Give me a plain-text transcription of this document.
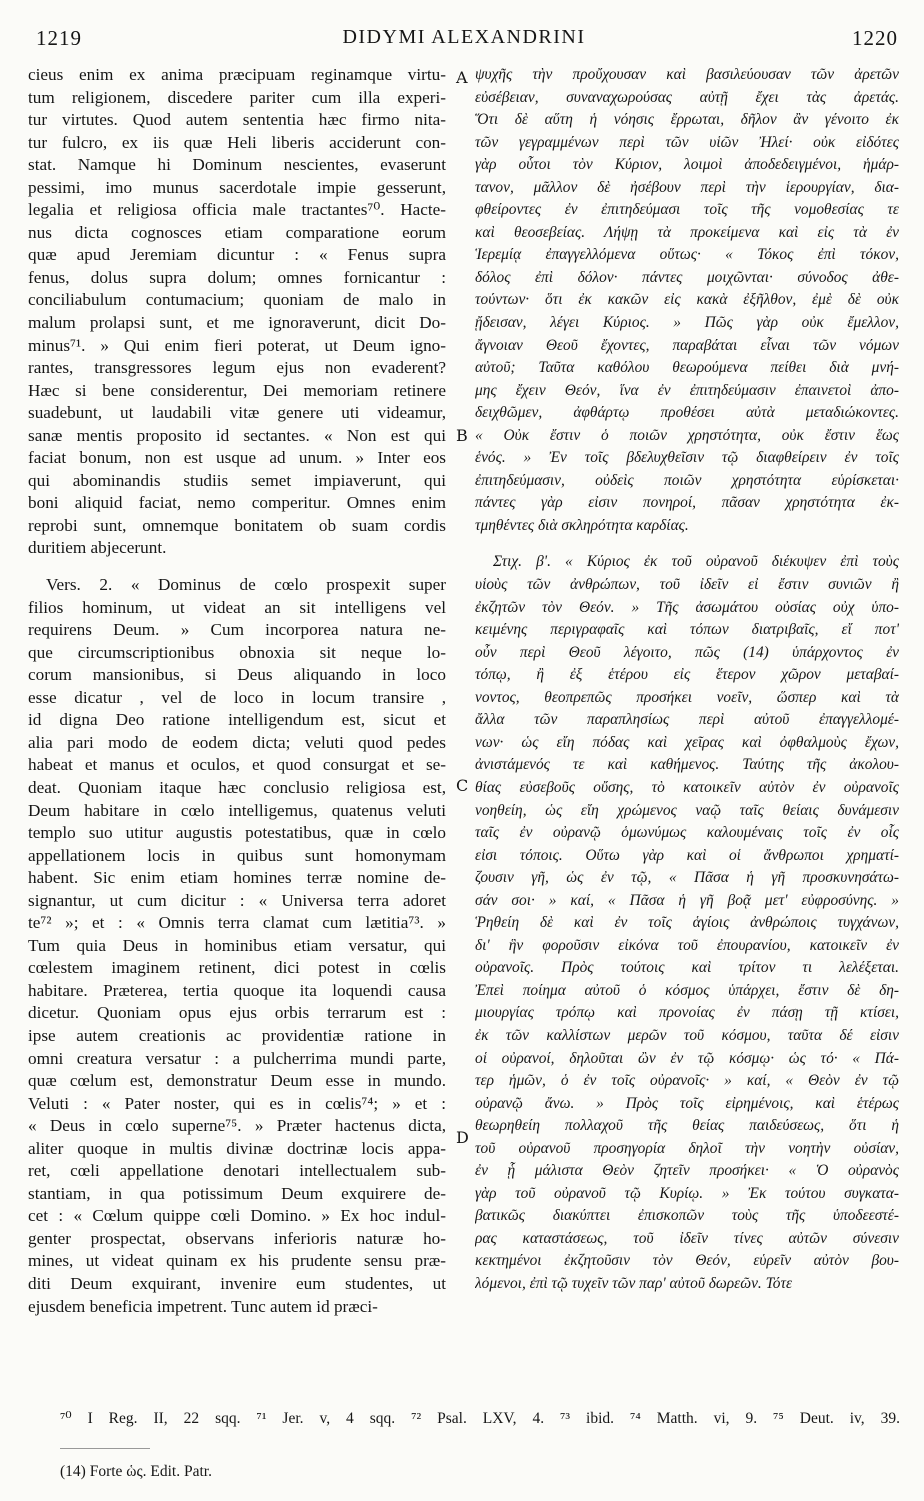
1219	DIDYMI ALEXANDRINI	1220
cieus enim ex anima præcipuam reginamque virtu-
tum religionem, discedere pariter cum illa experi-
tur virtutes. Quod autem sententia hæc firmo nita-
tur fulcro, ex iis quæ Heli liberis acciderunt con-
stat. Namque hi Dominum nescientes, evaserunt
pessimi, imo munus sacerdotale impie gesserunt,
legalia et religiosa officia male tractantes⁷⁰. Hacte-
nus dicta cognosces etiam comparatione eorum
quæ apud Jeremiam dicuntur : « Fenus supra
fenus, dolus supra dolum; omnes fornicantur :
conciliabulum contumacium; quoniam de malo in
malum prolapsi sunt, et me ignoraverunt, dicit Do-
minus⁷¹. » Qui enim fieri poterat, ut Deum igno-
rantes, transgressores legum ejus non evaderent?
Hæc si bene considerentur, Dei memoriam retinere
suadebunt, ut laudabili vitæ genere uti videamur,
sanæ mentis proposito id sectantes. « Non est qui
faciat bonum, non est usque ad unum. » Inter eos
qui abominandis studiis semet impiaverunt, qui
boni aliquid faciat, nemo comperitur. Omnes enim
reprobi sunt, omnemque bonitatem ob suam cordis
duritiem abjecerunt.
Vers. 2. « Dominus de cœlo prospexit super
filios hominum, ut videat an sit intelligens vel
requirens Deum. » Cum incorporea natura ne-
que circumscriptionibus obnoxia sit neque lo-
corum mansionibus, si Deus aliquando in loco
esse dicatur , vel de loco in locum transire ,
id digna Deo ratione intelligendum est, sicut et
alia pari modo de eodem dicta; veluti quod pedes
habeat et manus et oculos, et quod consurgat et se-
deat. Quoniam itaque hæc conclusio religiosa est,
Deum habitare in cœlo intelligemus, quatenus veluti
templo suo utitur augustis potestatibus, quæ in cœlo
appellationem locis in quibus sunt homonymam
habent. Sic enim etiam homines terræ nomine de-
signantur, ut cum dicitur : « Universa terra adoret
te⁷² »; et : « Omnis terra clamat cum lætitia⁷³. »
Tum quia Deus in hominibus etiam versatur, qui
cœlestem imaginem retinent, dici potest in cœlis
habitare. Præterea, tertia quoque ita loquendi causa
dicetur. Quoniam opus ejus orbis terrarum est :
ipse autem creationis ac providentiæ ratione in
omni creatura versatur : a pulcherrima mundi parte,
quæ cœlum est, demonstratur Deum esse in mundo.
Veluti : « Pater noster, qui es in cœlis⁷⁴; » et :
« Deus in cœlo superne⁷⁵. » Præter hactenus dicta,
aliter quoque in multis divinæ doctrinæ locis appa-
ret, cœli appellatione denotari intellectualem sub-
stantiam, in qua potissimum Deum exquirere de-
cet : « Cœlum quippe cœli Domino. » Ex hoc indul-
genter prospectat, observans inferioris naturæ ho-
mines, ut videat quinam ex his prudente sensu præ-
diti Deum exquirant, invenire eum studentes, ut
ejusdem beneficia impetrent. Tunc autem id præci-
ψυχῆς τὴν προὔχουσαν καὶ βασιλεύουσαν τῶν ἀρετῶν
εὐσέβειαν, συναναχωρούσας αὐτῇ ἔχει τὰς ἀρετάς.
Ὅτι δὲ αὕτη ἡ νόησις ἔρρωται, δῆλον ἂν γένοιτο ἐκ
τῶν γεγραμμένων περὶ τῶν υἱῶν Ἠλεί· οὐκ εἰδότες
γὰρ οὗτοι τὸν Κύριον, λοιμοὶ ἀποδεδειγμένοι, ἡμάρ-
τανον, μᾶλλον δὲ ἠσέβουν περὶ τὴν ἱερουργίαν, δια-
φθείροντες ἐν ἐπιτηδεύμασι τοῖς τῆς νομοθεσίας τε
καὶ θεοσεβείας. Λήψῃ τὰ προκείμενα καὶ εἰς τὰ ἐν
Ἱερεμίᾳ ἐπαγγελλόμενα οὕτως· « Τόκος ἐπὶ τόκον,
δόλος ἐπὶ δόλον· πάντες μοιχῶνται· σύνοδος ἀθε-
τούντων· ὅτι ἐκ κακῶν εἰς κακὰ ἐξῆλθον, ἐμὲ δὲ οὐκ
ᾔδεισαν, λέγει Κύριος. » Πῶς γὰρ οὐκ ἔμελλον,
ἄγνοιαν Θεοῦ ἔχοντες, παραβάται εἶναι τῶν νόμων
αὐτοῦ; Ταῦτα καθόλου θεωρούμενα πείθει διὰ μνή-
μης ἔχειν Θεόν, ἵνα ἐν ἐπιτηδεύμασιν ἐπαινετοὶ ἀπο-
δειχθῶμεν, ἀφθάρτῳ προθέσει αὐτὰ μεταδιώκοντες.
« Οὐκ ἔστιν ὁ ποιῶν χρηστότητα, οὐκ ἔστιν ἕως
ἑνός. » Ἐν τοῖς βδελυχθεῖσιν τῷ διαφθείρειν ἐν τοῖς
ἐπιτηδεύμασιν, οὐδεὶς ποιῶν χρηστότητα εὑρίσκεται·
πάντες γὰρ εἰσιν πονηροί, πᾶσαν χρηστότητα ἐκ-
τμηθέντες διὰ σκληρότητα καρδίας.
Στιχ. β'. « Κύριος ἐκ τοῦ οὐρανοῦ διέκυψεν ἐπὶ τοὺς
υἱοὺς τῶν ἀνθρώπων, τοῦ ἰδεῖν εἰ ἔστιν συνιῶν ἢ
ἐκζητῶν τὸν Θεόν. » Τῆς ἀσωμάτου οὐσίας οὐχ ὑπο-
κειμένης περιγραφαῖς καὶ τόπων διατριβαῖς, εἴ ποτ'
οὖν περὶ Θεοῦ λέγοιτο, πῶς (14) ὑπάρχοντος ἐν
τόπῳ, ἢ ἐξ ἑτέρου εἰς ἕτερον χῶρον μεταβαί-
νοντος, θεοπρεπῶς προσήκει νοεῖν, ὥσπερ καὶ τὰ
ἄλλα τῶν παραπλησίως περὶ αὐτοῦ ἐπαγγελλομέ-
νων· ὡς εἴη πόδας καὶ χεῖρας καὶ ὀφθαλμοὺς ἔχων,
ἀνιστάμενός τε καὶ καθήμενος. Ταύτης τῆς ἀκολου-
θίας εὐσεβοῦς οὔσης, τὸ κατοικεῖν αὐτὸν ἐν οὐρανοῖς
νοηθείη, ὡς εἴη χρώμενος ναῷ ταῖς θείαις δυνάμεσιν
ταῖς ἐν οὐρανῷ ὁμωνύμως καλουμέναις τοῖς ἐν οἷς
εἰσι τόποις. Οὕτω γὰρ καὶ οἱ ἄνθρωποι χρηματί-
ζουσιν γῆ, ὡς ἐν τῷ, « Πᾶσα ἡ γῆ προσκυνησάτω-
σάν σοι· » καί, « Πᾶσα ἡ γῆ βοᾷ μετ' εὐφροσύνης. »
Ῥηθείη δὲ καὶ ἐν τοῖς ἁγίοις ἀνθρώποις τυγχάνων,
δι' ἣν φοροῦσιν εἰκόνα τοῦ ἐπουρανίου, κατοικεῖν ἐν
οὐρανοῖς. Πρὸς τούτοις καὶ τρίτον τι λελέξεται.
Ἐπεὶ ποίημα αὐτοῦ ὁ κόσμος ὑπάρχει, ἔστιν δὲ δη-
μιουργίας τρόπῳ καὶ προνοίας ἐν πάσῃ τῇ κτίσει,
ἐκ τῶν καλλίστων μερῶν τοῦ κόσμου, ταῦτα δέ εἰσιν
οἱ οὐρανοί, δηλοῦται ὢν ἐν τῷ κόσμῳ· ὡς τό· « Πά-
τερ ἡμῶν, ὁ ἐν τοῖς οὐρανοῖς· » καί, « Θεὸν ἐν τῷ
οὐρανῷ ἄνω. » Πρὸς τοῖς εἰρημένοις, καὶ ἑτέρως
θεωρηθείη πολλαχοῦ τῆς θείας παιδεύσεως, ὅτι ἡ
τοῦ οὐρανοῦ προσηγορία δηλοῖ τὴν νοητὴν οὐσίαν,
ἐν ᾗ μάλιστα Θεὸν ζητεῖν προσήκει· « Ὁ οὐρανὸς
γὰρ τοῦ οὐρανοῦ τῷ Κυρίῳ. » Ἐκ τούτου συγκατα-
βατικῶς διακύπτει ἐπισκοπῶν τοὺς τῆς ὑποδεεστέ-
ρας καταστάσεως, τοῦ ἰδεῖν τίνες αὐτῶν σύνεσιν
κεκτημένοι ἐκζητοῦσιν τὸν Θεόν, εὑρεῖν αὐτὸν βου-
λόμενοι, ἐπὶ τῷ τυχεῖν τῶν παρ' αὐτοῦ δωρεῶν. Τότε
A
B
C
D
⁷⁰ I Reg. II, 22 sqq. ⁷¹ Jer. v, 4 sqq. ⁷² Psal. LXV, 4. ⁷³ ibid. ⁷⁴ Matth. vi, 9. ⁷⁵ Deut. iv, 39.
(14) Forte ὡς. Edit. Patr.
